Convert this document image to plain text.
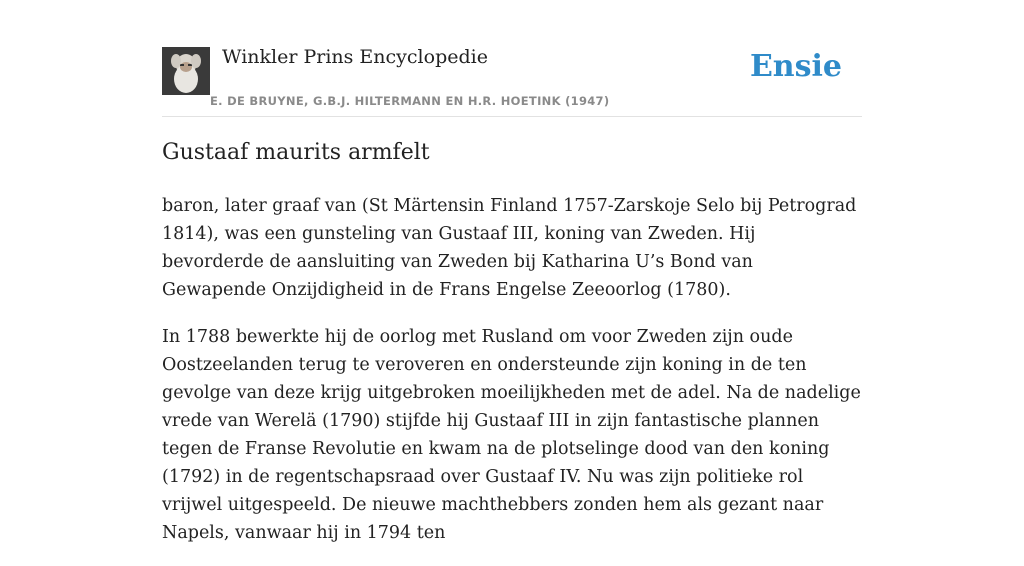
Winkler Prins Encyclopedie
E. DE BRUYNE, G.B.J. HILTERMANN EN H.R. HOETINK (1947)
Ensie
Gustaaf maurits armfelt

baron, later graaf van (St Märtensin Finland 1757-Zarskoje Selo bij Petrograd 1814), was een gunsteling van Gustaaf III, koning van Zweden. Hij bevorderde de aansluiting van Zweden bij Katharina U’s Bond van Gewapende Onzijdigheid in de Frans Engelse Zeeoorlog (1780).

In 1788 bewerkte hij de oorlog met Rusland om voor Zweden zijn oude Oostzeelanden terug te veroveren en ondersteunde zijn koning in de ten gevolge van deze krijg uitgebroken moeilijkheden met de adel. Na de nadelige vrede van Werelä (1790) stijfde hij Gustaaf III in zijn fantastische plannen tegen de Franse Revolutie en kwam na de plotselinge dood van den koning (1792) in de regentschapsraad over Gustaaf IV. Nu was zijn politieke rol vrijwel uitgespeeld. De nieuwe machthebbers zonden hem als gezant naar Napels, vanwaar hij in 1794 ten
